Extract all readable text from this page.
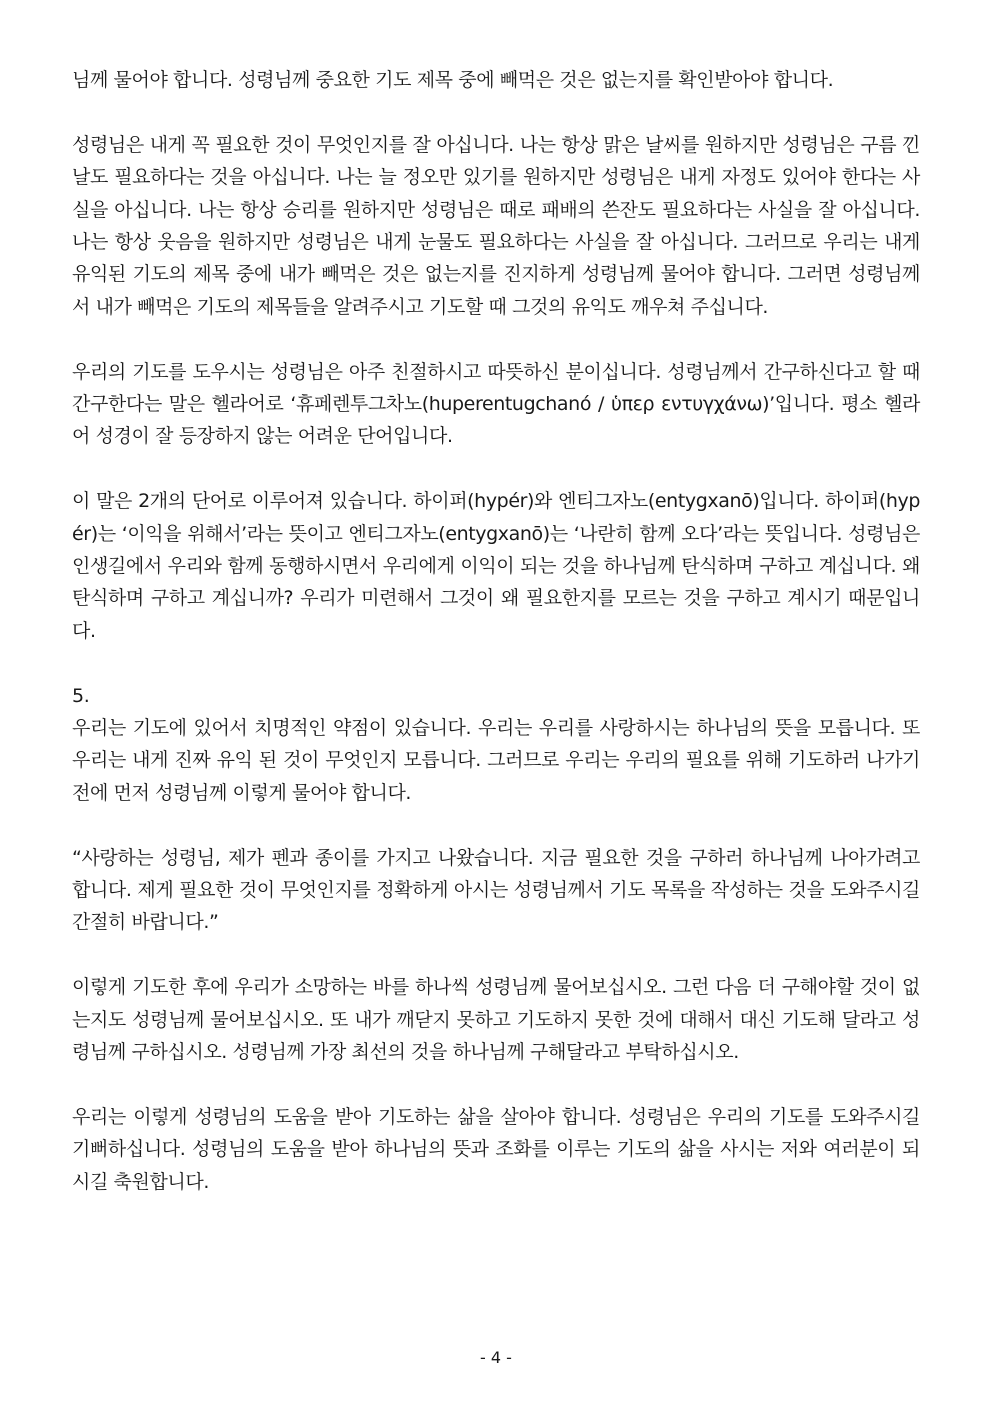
님께 물어야 합니다. 성령님께 중요한 기도 제목 중에 빼먹은 것은 없는지를 확인받아야 합니다.

성령님은 내게 꼭 필요한 것이 무엇인지를 잘 아십니다. 나는 항상 맑은 날씨를 원하지만 성령님은 구름 낀 날도 필요하다는 것을 아십니다. 나는 늘 정오만 있기를 원하지만 성령님은 내게 자정도 있어야 한다는 사실을 아십니다. 나는 항상 승리를 원하지만 성령님은 때로 패배의 쓴잔도 필요하다는 사실을 잘 아십니다. 나는 항상 웃음을 원하지만 성령님은 내게 눈물도 필요하다는 사실을 잘 아십니다. 그러므로 우리는 내게 유익된 기도의 제목 중에 내가 빼먹은 것은 없는지를 진지하게 성령님께 물어야 합니다. 그러면 성령님께서 내가 빼먹은 기도의 제목들을 알려주시고 기도할 때 그것의 유익도 깨우쳐 주십니다.

우리의 기도를 도우시는 성령님은 아주 친절하시고 따뜻하신 분이십니다. 성령님께서 간구하신다고 할 때 간구한다는 말은 헬라어로 ‘휴페렌투그차노(huperentugchanó / ὑπερ εντυγχάνω)’입니다. 평소 헬라어 성경이 잘 등장하지 않는 어려운 단어입니다.

이 말은 2개의 단어로 이루어져 있습니다. 하이퍼(hypér)와 엔티그자노(entygxanō)입니다. 하이퍼(hypér)는 ‘이익을 위해서’라는 뜻이고 엔티그자노(entygxanō)는 ‘나란히 함께 오다’라는 뜻입니다. 성령님은 인생길에서 우리와 함께 동행하시면서 우리에게 이익이 되는 것을 하나님께 탄식하며 구하고 계십니다. 왜 탄식하며 구하고 계십니까? 우리가 미련해서 그것이 왜 필요한지를 모르는 것을 구하고 계시기 때문입니다.

5.

우리는 기도에 있어서 치명적인 약점이 있습니다. 우리는 우리를 사랑하시는 하나님의 뜻을 모릅니다. 또 우리는 내게 진짜 유익 된 것이 무엇인지 모릅니다. 그러므로 우리는 우리의 필요를 위해 기도하러 나가기 전에 먼저 성령님께 이렇게 물어야 합니다.

“사랑하는 성령님, 제가 펜과 종이를 가지고 나왔습니다. 지금 필요한 것을 구하러 하나님께 나아가려고 합니다. 제게 필요한 것이 무엇인지를 정확하게 아시는 성령님께서 기도 목록을 작성하는 것을 도와주시길 간절히 바랍니다.”

이렇게 기도한 후에 우리가 소망하는 바를 하나씩 성령님께 물어보십시오. 그런 다음 더 구해야할 것이 없는지도 성령님께 물어보십시오. 또 내가 깨닫지 못하고 기도하지 못한 것에 대해서 대신 기도해 달라고 성령님께 구하십시오. 성령님께 가장 최선의 것을 하나님께 구해달라고 부탁하십시오.

우리는 이렇게 성령님의 도움을 받아 기도하는 삶을 살아야 합니다. 성령님은 우리의 기도를 도와주시길 기뻐하십니다. 성령님의 도움을 받아 하나님의 뜻과 조화를 이루는 기도의 삶을 사시는 저와 여러분이 되시길 축원합니다.

- 4 -
